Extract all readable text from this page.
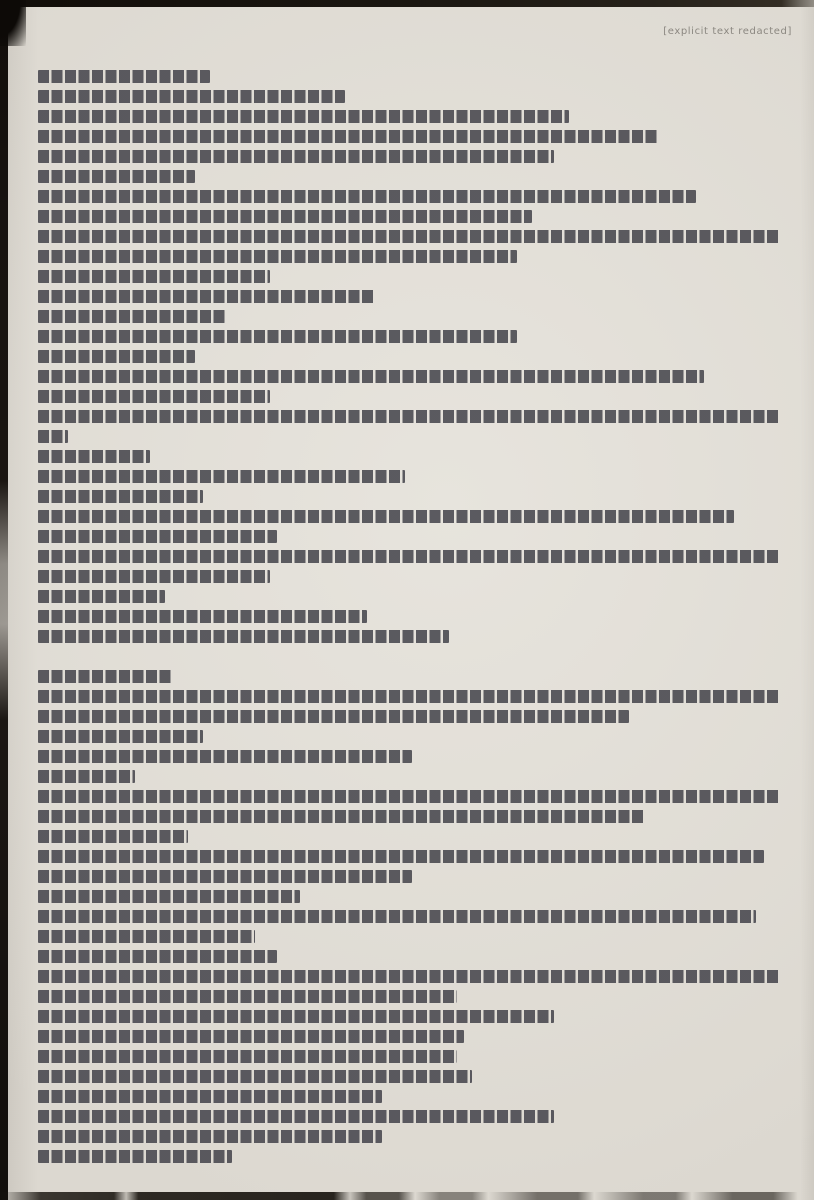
[explicit text redacted]
